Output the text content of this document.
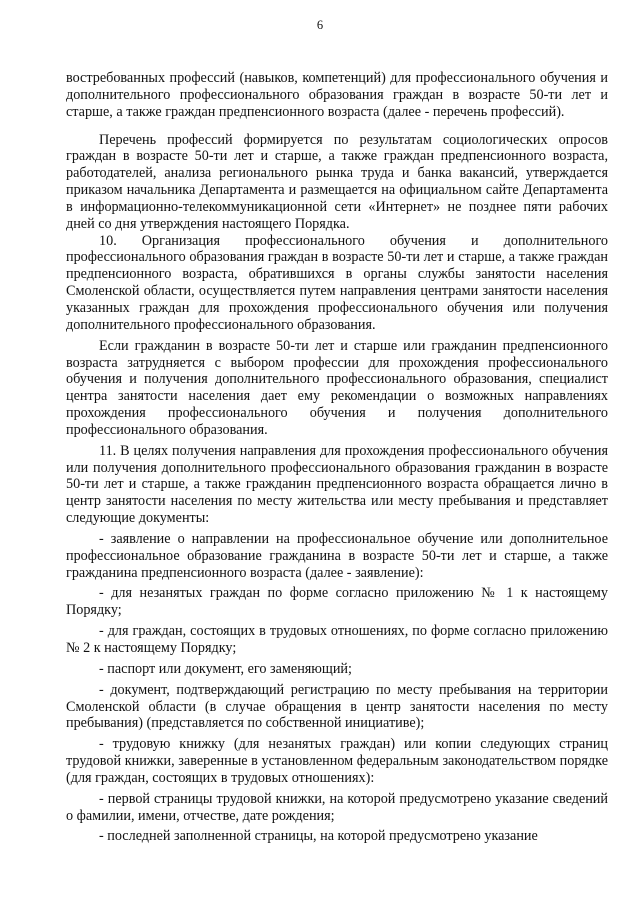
6

востребованных профессий (навыков, компетенций) для профессионального обучения и дополнительного профессионального образования граждан в возрасте 50-ти лет и старше, а также граждан предпенсионного возраста (далее - перечень профессий).

Перечень профессий формируется по результатам социологических опросов граждан в возрасте 50-ти лет и старше, а также граждан предпенсионного возраста, работодателей, анализа регионального рынка труда и банка вакансий, утверждается приказом начальника Департамента и размещается на официальном сайте Департамента в информационно-телекоммуникационной сети «Интернет» не позднее пяти рабочих дней со дня утверждения настоящего Порядка.

10. Организация профессионального обучения и дополнительного профессионального образования граждан в возрасте 50-ти лет и старше, а также граждан предпенсионного возраста, обратившихся в органы службы занятости населения Смоленской области, осуществляется путем направления центрами занятости населения указанных граждан для прохождения профессионального обучения или получения дополнительного профессионального образования.

Если гражданин в возрасте 50-ти лет и старше или гражданин предпенсионного возраста затрудняется с выбором профессии для прохождения профессионального обучения и получения дополнительного профессионального образования, специалист центра занятости населения дает ему рекомендации о возможных направлениях прохождения профессионального обучения и получения дополнительного профессионального образования.

11. В целях получения направления для прохождения профессионального обучения или получения дополнительного профессионального образования гражданин в возрасте 50-ти лет и старше, а также гражданин предпенсионного возраста обращается лично в центр занятости населения по месту жительства или месту пребывания и представляет следующие документы:

- заявление о направлении на профессиональное обучение или дополнительное профессиональное образование гражданина в возрасте 50-ти лет и старше, а также гражданина предпенсионного возраста (далее - заявление):

- для незанятых граждан по форме согласно приложению № 1 к настоящему Порядку;

- для граждан, состоящих в трудовых отношениях, по форме согласно приложению № 2 к настоящему Порядку;

- паспорт или документ, его заменяющий;

- документ, подтверждающий регистрацию по месту пребывания на территории Смоленской области (в случае обращения в центр занятости населения по месту пребывания) (представляется по собственной инициативе);

- трудовую книжку (для незанятых граждан) или копии следующих страниц трудовой книжки, заверенные в установленном федеральным законодательством порядке (для граждан, состоящих в трудовых отношениях):

- первой страницы трудовой книжки, на которой предусмотрено указание сведений о фамилии, имени, отчестве, дате рождения;

- последней заполненной страницы, на которой предусмотрено указание
